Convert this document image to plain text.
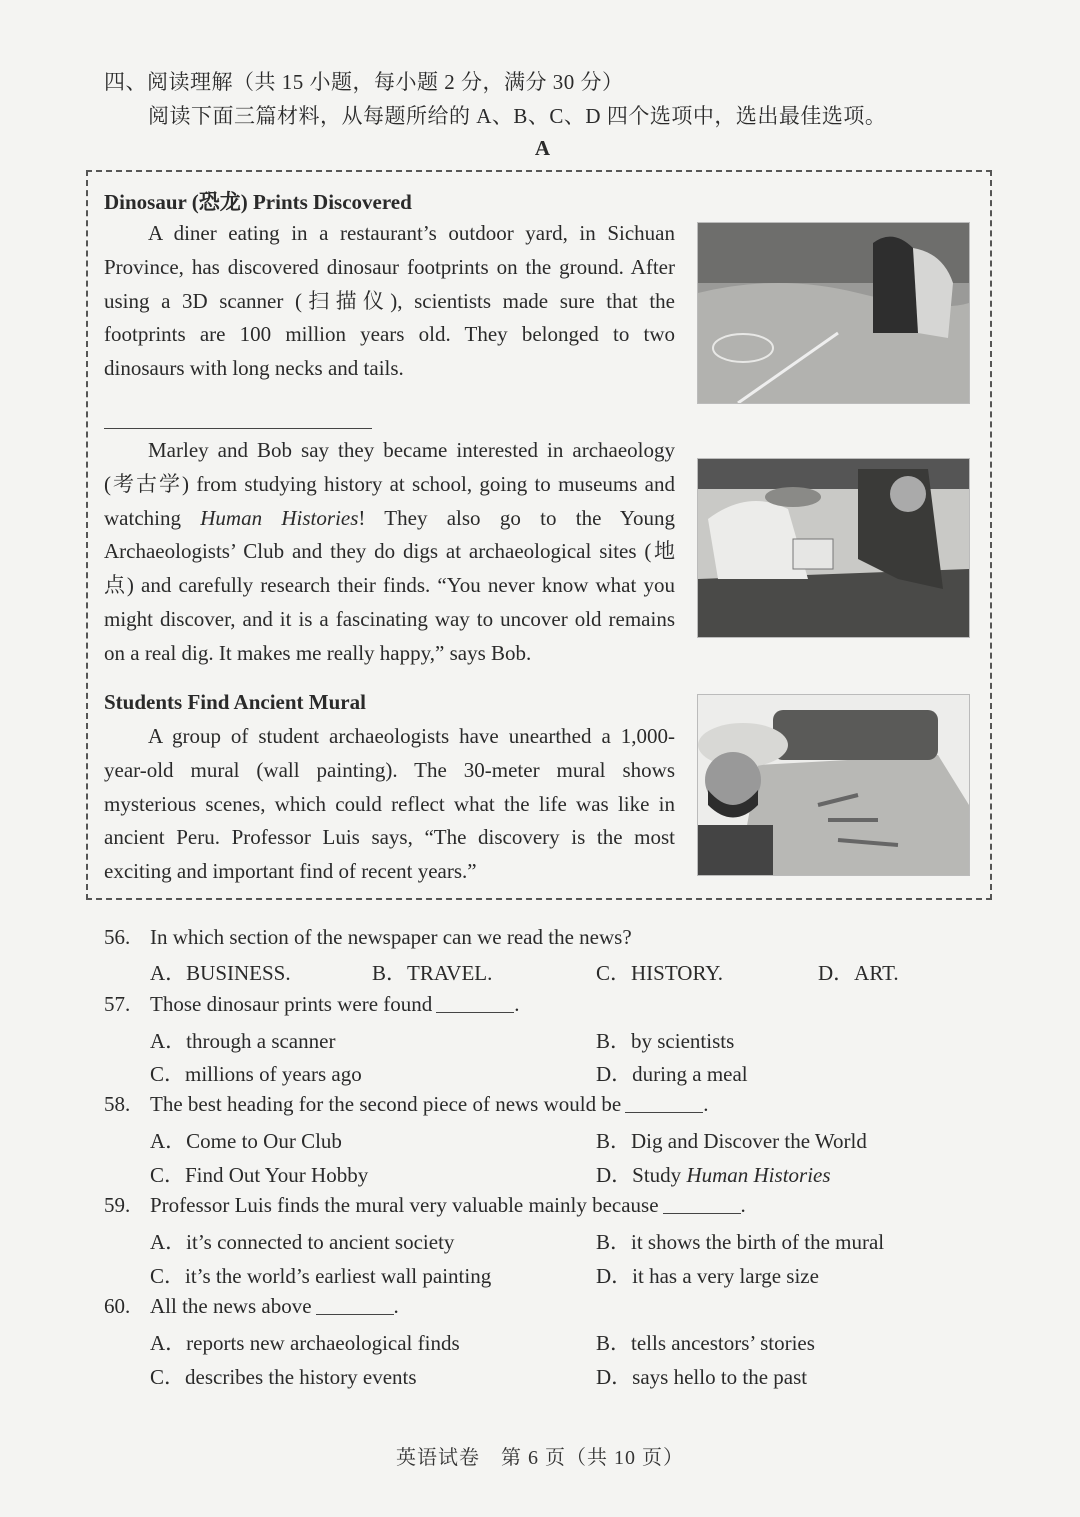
四、阅读理解（共 15 小题，每小题 2 分，满分 30 分）
阅读下面三篇材料，从每题所给的 A、B、C、D 四个选项中，选出最佳选项。
A
Dinosaur (恐龙) Prints Discovered

A diner eating in a restaurant’s outdoor yard, in Sichuan Province, has discovered dinosaur footprints on the ground. After using a 3D scanner (扫描仪), scientists made sure that the footprints are 100 million years old. They belonged to two dinosaurs with long necks and tails.

Marley and Bob say they became interested in archaeology (考古学) from studying history at school, going to museums and watching Human Histories! They also go to the Young Archaeologists’ Club and they do digs at archaeological sites (地点) and carefully research their finds. “You never know what you might discover, and it is a fascinating way to uncover old remains on a real dig. It makes me really happy,” says Bob.

Students Find Ancient Mural

A group of student archaeologists have unearthed a 1,000-year-old mural (wall painting). The 30-meter mural shows mysterious scenes, which could reflect what the life was like in ancient Peru. Professor Luis says, “The discovery is the most exciting and important find of recent years.”

56. In which section of the newspaper can we read the news?
A．BUSINESS.	B．TRAVEL.	C．HISTORY.	D．ART.
57. Those dinosaur prints were found	.
A．through a scanner	B．by scientists
C．millions of years ago	D．during a meal
58. The best heading for the second piece of news would be	.
A．Come to Our Club	B．Dig and Discover the World
C．Find Out Your Hobby	D．Study Human Histories
59. Professor Luis finds the mural very valuable mainly because	.
A．it’s connected to ancient society	B．it shows the birth of the mural
C．it’s the world’s earliest wall painting	D．it has a very large size
60. All the news above	.
A．reports new archaeological finds	B．tells ancestors’ stories
C．describes the history events	D．says hello to the past
英语试卷　第 6 页（共 10 页）
